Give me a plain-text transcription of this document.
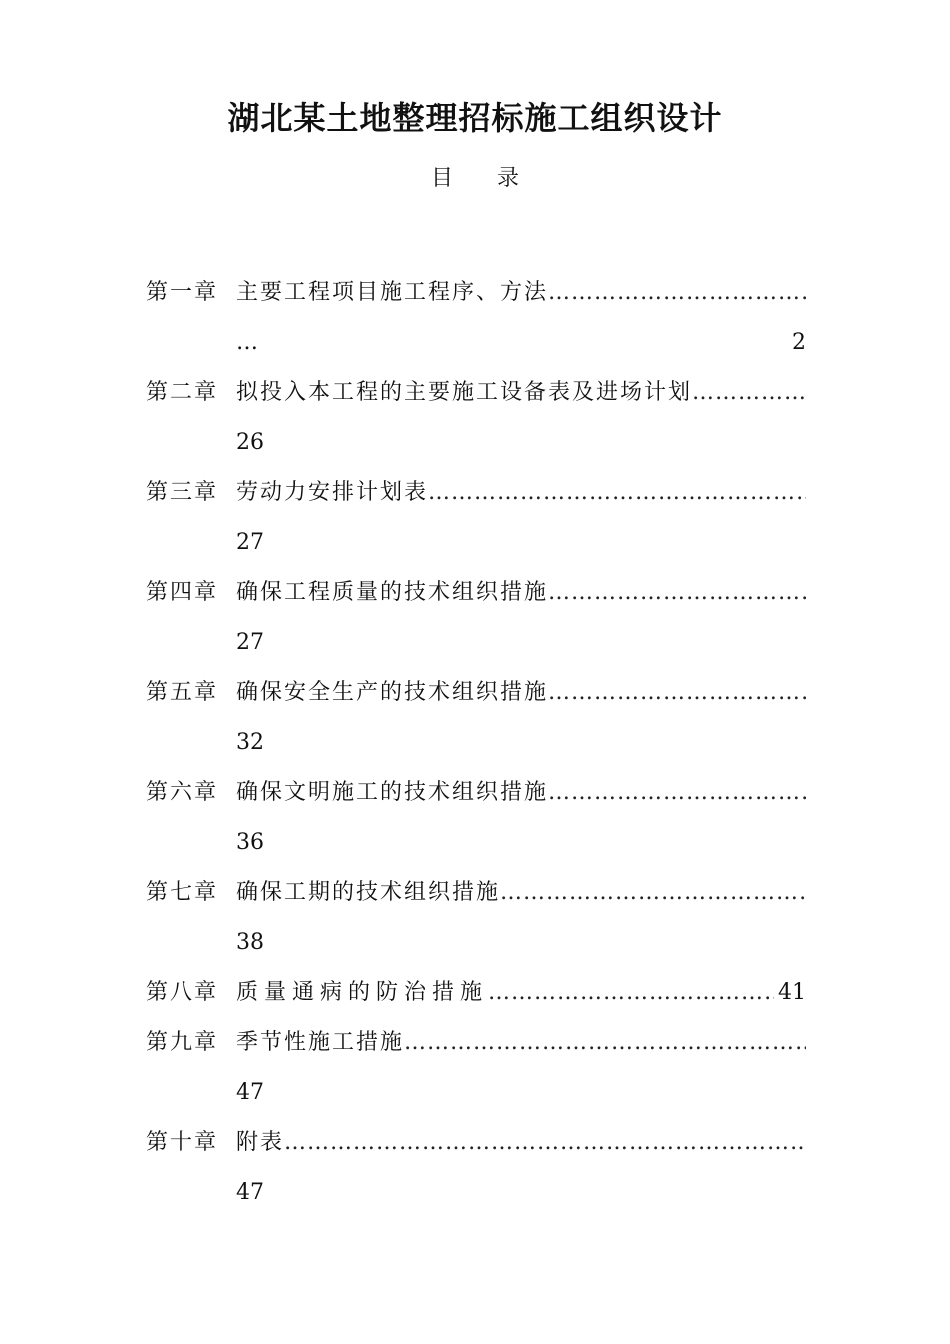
湖北某土地整理招标施工组织设计
目 录
第一章 主要工程项目施工程序、方法
……………………………………………………………………………………………………………………
…	2
第二章 拟投入本工程的主要施工设备表及进场计划
……………………………………………………………………………………………………………………
26
第三章 劳动力安排计划表
……………………………………………………………………………………………………………………
27
第四章 确保工程质量的技术组织措施
……………………………………………………………………………………………………………………
27
第五章 确保安全生产的技术组织措施
……………………………………………………………………………………………………………………
32
第六章 确保文明施工的技术组织措施
……………………………………………………………………………………………………………………
36
第七章 确保工期的技术组织措施
……………………………………………………………………………………………………………………
38
第八章 质量通病的防治措施
……………………………………………………………………………………………………………………	41
第九章 季节性施工措施
……………………………………………………………………………………………………………………
47
第十章 附表
……………………………………………………………………………………………………………………
47
